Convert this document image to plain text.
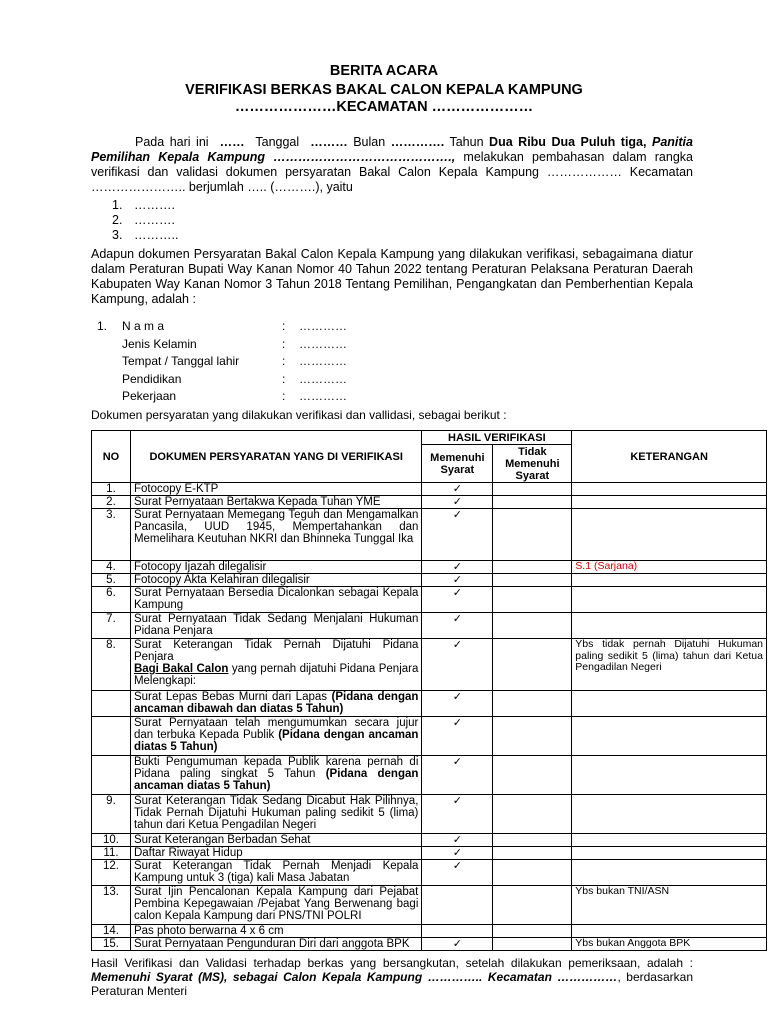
BERITA ACARA
VERIFIKASI BERKAS BAKAL CALON KEPALA KAMPUNG
…………………KECAMATAN …………………
Pada hari ini …… Tanggal ……… Bulan …………. Tahun Dua Ribu Dua Puluh tiga, Panitia Pemilihan Kepala Kampung ……………………………………., melakukan pembahasan dalam rangka verifikasi dan validasi dokumen persyaratan Bakal Calon Kepala Kampung ……………… Kecamatan ………………….. berjumlah ….. (……….), yaitu
1. ……….
2. ……….
3. ………..
Adapun dokumen Persyaratan Bakal Calon Kepala Kampung yang dilakukan verifikasi, sebagaimana diatur dalam Peraturan Bupati Way Kanan Nomor 40 Tahun 2022 tentang Peraturan Pelaksana Peraturan Daerah Kabupaten Way Kanan Nomor 3 Tahun 2018 Tentang Pemilihan, Pengangkatan dan Pemberhentian Kepala Kampung, adalah :
1. N a m a	: …………
Jenis Kelamin	: …………
Tempat / Tanggal lahir	: …………
Pendidikan	: …………
Pekerjaan	: …………
Dokumen persyaratan yang dilakukan verifikasi dan vallidasi, sebagai berikut :
NO	DOKUMEN PERSYARATAN YANG DI VERIFIKASI	HASIL VERIFIKASI		KETERANGAN
		Memenuhi Syarat	Tidak Memenuhi Syarat	
1.	Fotocopy E-KTP	✓		
2.	Surat Pernyataan Bertakwa Kepada Tuhan YME	✓		
3.	Surat Pernyataan Memegang Teguh dan Mengamalkan Pancasila, UUD 1945, Mempertahankan dan Memelihara Keutuhan NKRI dan Bhinneka Tunggal Ika	✓		
4.	Fotocopy Ijazah dilegalisir	✓		S.1 (Sarjana)
5.	Fotocopy Akta Kelahiran dilegalisir	✓		
6.	Surat Pernyataan Bersedia Dicalonkan sebagai Kepala Kampung	✓		
7.	Surat Pernyataan Tidak Sedang Menjalani Hukuman Pidana Penjara	✓		
8.	Surat Keterangan Tidak Pernah Dijatuhi Pidana Penjara
Bagi Bakal Calon yang pernah dijatuhi Pidana Penjara Melengkapi:	✓		Ybs tidak pernah Dijatuhi Hukuman paling sedikit 5 (lima) tahun dari Ketua Pengadilan Negeri
	Surat Lepas Bebas Murni dari Lapas (Pidana dengan ancaman dibawah dan diatas 5 Tahun)	✓		
	Surat Pernyataan telah mengumumkan secara jujur dan terbuka Kepada Publik (Pidana dengan ancaman diatas 5 Tahun)	✓		
	Bukti Pengumuman kepada Publik karena pernah di Pidana paling singkat 5 Tahun (Pidana dengan ancaman diatas 5 Tahun)	✓		
9.	Surat Keterangan Tidak Sedang Dicabut Hak Pilihnya, Tidak Pernah Dijatuhi Hukuman paling sedikit 5 (lima) tahun dari Ketua Pengadilan Negeri	✓		
10.	Surat Keterangan Berbadan Sehat	✓		
11.	Daftar Riwayat Hidup	✓		
12.	Surat Keterangan Tidak Pernah Menjadi Kepala Kampung untuk 3 (tiga) kali Masa Jabatan	✓		
13.	Surat Ijin Pencalonan Kepala Kampung dari Pejabat Pembina Kepegawaian /Pejabat Yang Berwenang bagi calon Kepala Kampung dari PNS/TNI POLRI			Ybs bukan TNI/ASN
14.	Pas photo berwarna 4 x 6 cm			
15.	Surat Pernyataan Pengunduran Diri dari anggota BPK	✓		Ybs bukan Anggota BPK
Hasil Verifikasi dan Validasi terhadap berkas yang bersangkutan, setelah dilakukan pemeriksaan, adalah : Memenuhi Syarat (MS), sebagai Calon Kepala Kampung ………….. Kecamatan ……………, berdasarkan Peraturan Menteri
